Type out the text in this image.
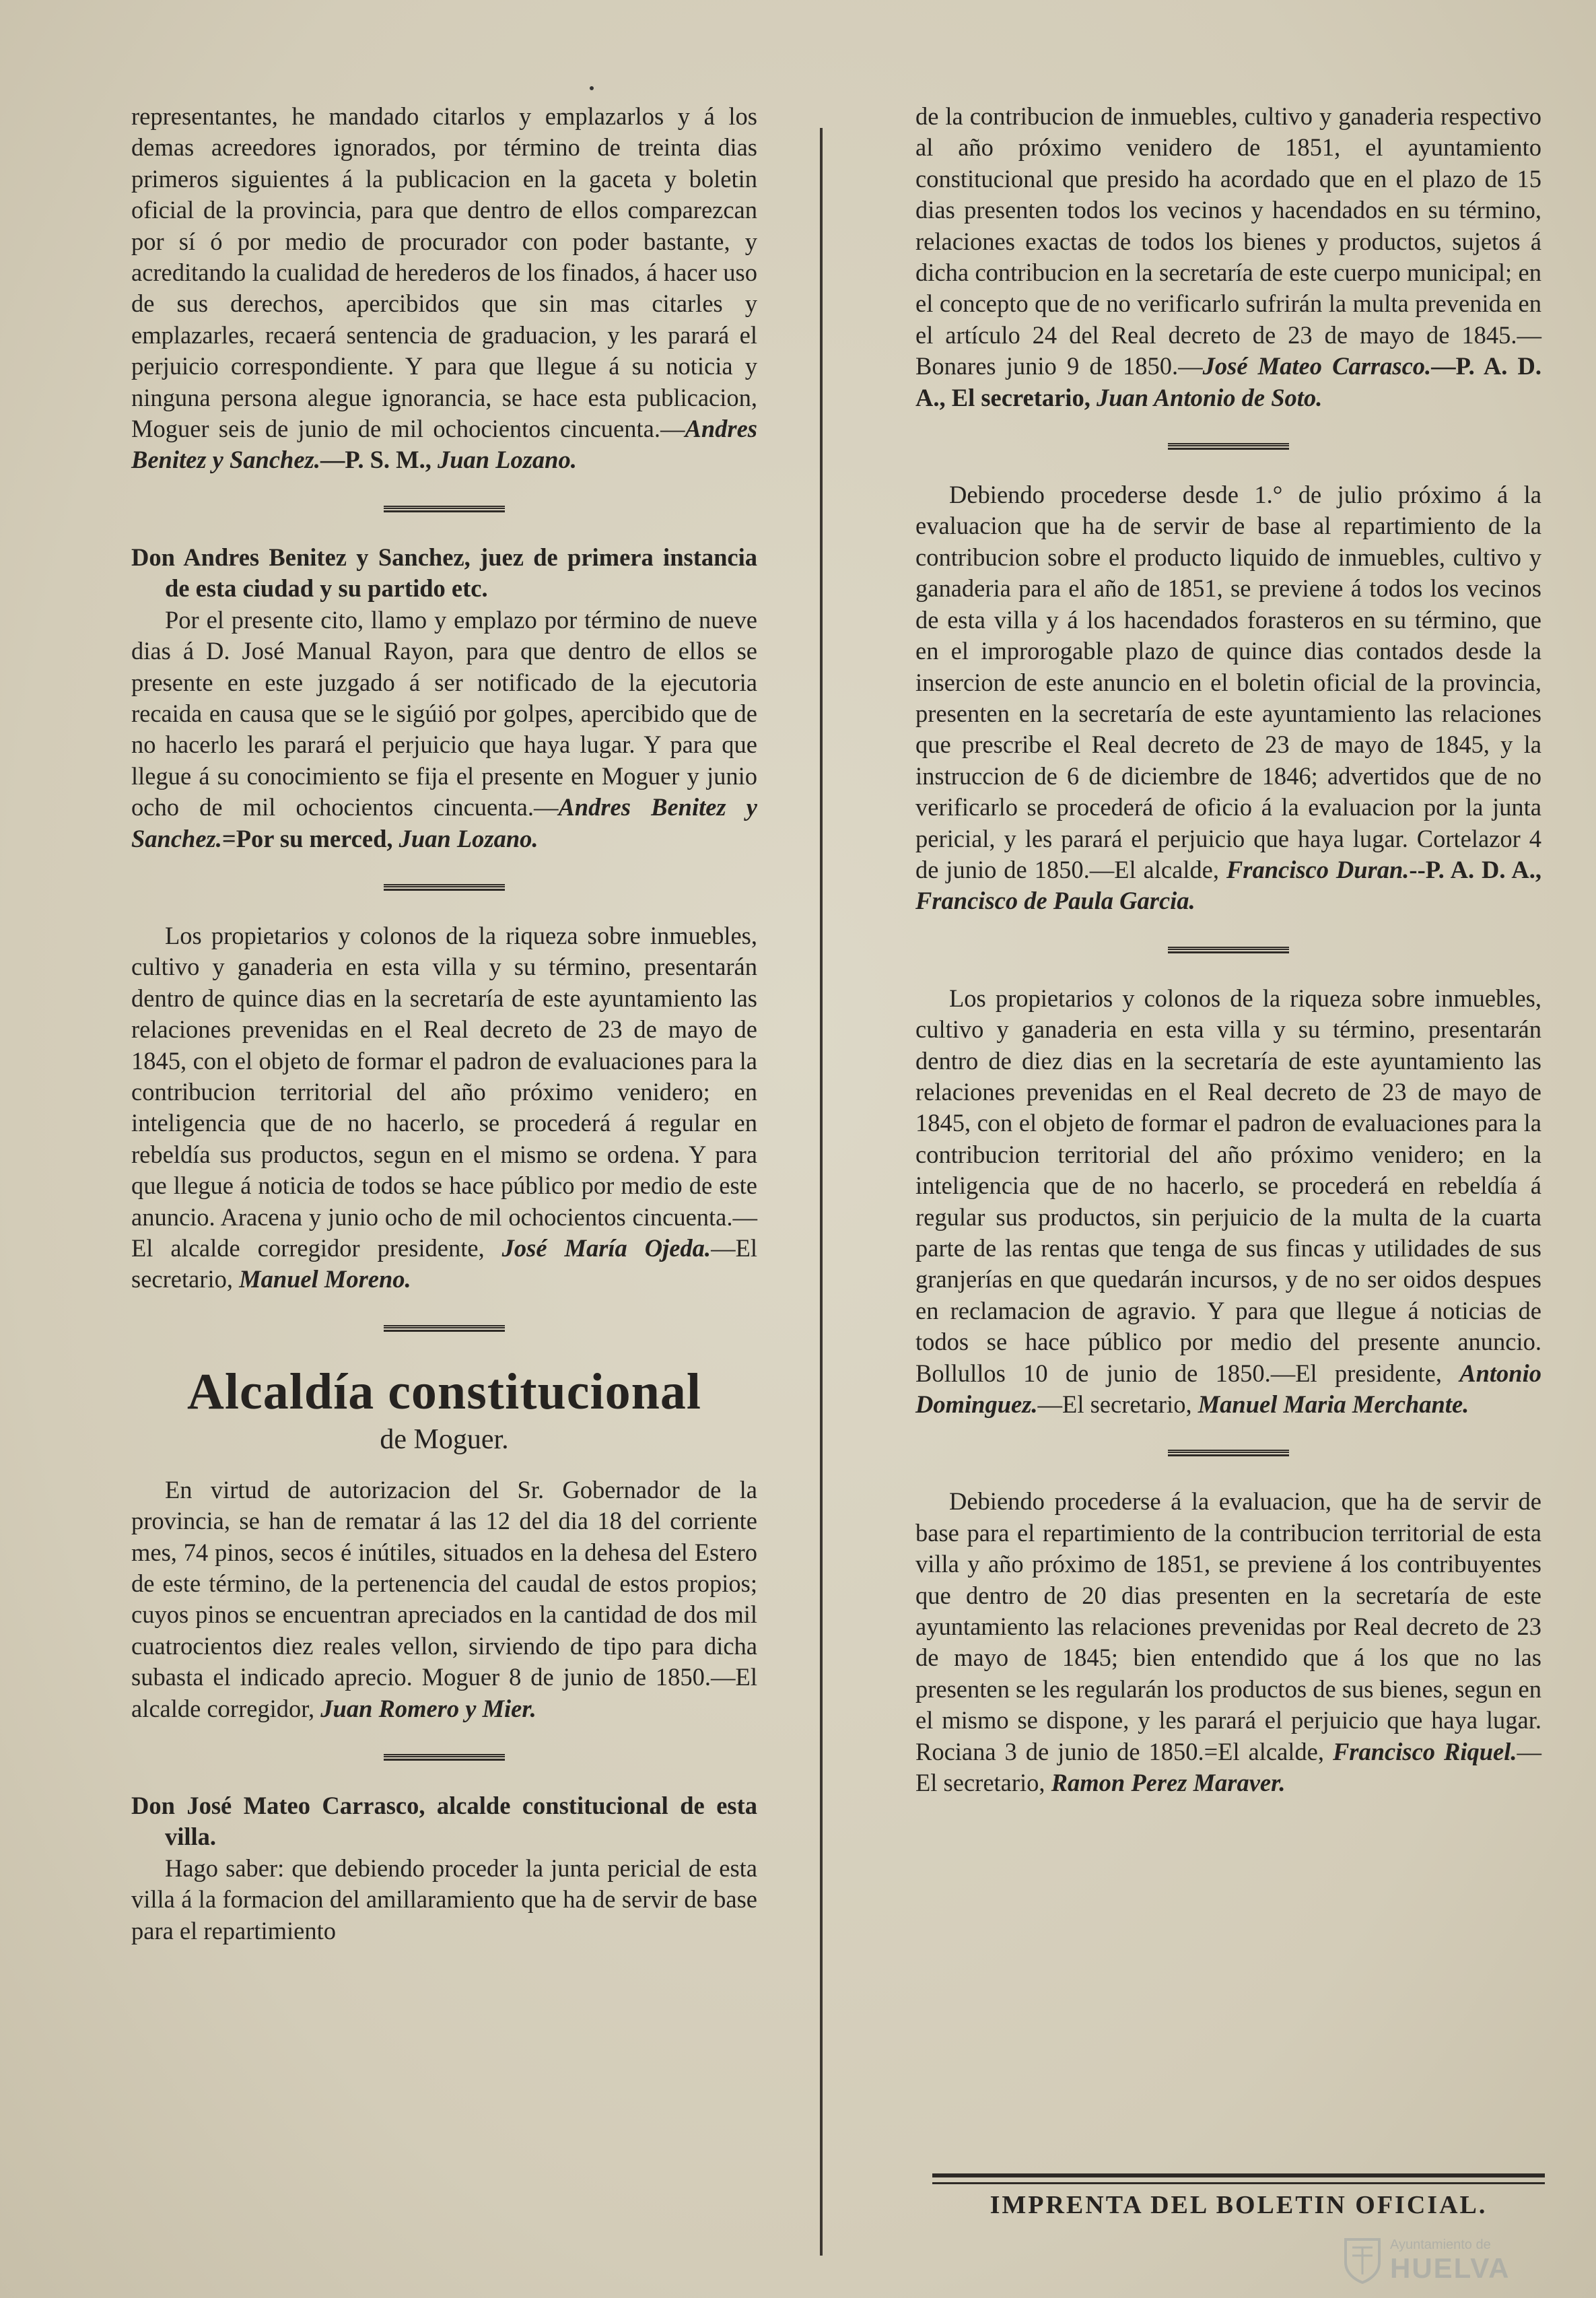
representantes, he mandado citarlos y emplazarlos y á los demas acreedores ignorados, por término de treinta dias primeros siguientes á la publicacion en la gaceta y boletin oficial de la provincia, para que dentro de ellos comparezcan por sí ó por medio de procurador con poder bastante, y acreditando la cualidad de herederos de los finados, á hacer uso de sus derechos, apercibidos que sin mas citarles y emplazarles, recaerá sentencia de graduacion, y les parará el perjuicio correspondiente. Y para que llegue á su noticia y ninguna persona alegue ignorancia, se hace esta publicacion, Moguer seis de junio de mil ochocientos cincuenta.—Andres Benitez y Sanchez.—P. S. M., Juan Lozano.

Don Andres Benitez y Sanchez, juez de primera instancia de esta ciudad y su partido etc.

Por el presente cito, llamo y emplazo por término de nueve dias á D. José Manual Rayon, para que dentro de ellos se presente en este juzgado á ser notificado de la ejecutoria recaida en causa que se le sigúió por golpes, apercibido que de no hacerlo les parará el perjuicio que haya lugar. Y para que llegue á su conocimiento se fija el presente en Moguer y junio ocho de mil ochocientos cincuenta.—Andres Benitez y Sanchez.=Por su merced, Juan Lozano.

Los propietarios y colonos de la riqueza sobre inmuebles, cultivo y ganaderia en esta villa y su término, presentarán dentro de quince dias en la secretaría de este ayuntamiento las relaciones prevenidas en el Real decreto de 23 de mayo de 1845, con el objeto de formar el padron de evaluaciones para la contribucion territorial del año próximo venidero; en inteligencia que de no hacerlo, se procederá á regular en rebeldía sus productos, segun en el mismo se ordena. Y para que llegue á noticia de todos se hace público por medio de este anuncio. Aracena y junio ocho de mil ochocientos cincuenta.—El alcalde corregidor presidente, José María Ojeda.—El secretario, Manuel Moreno.

Alcaldía constitucional
de Moguer.

En virtud de autorizacion del Sr. Gobernador de la provincia, se han de rematar á las 12 del dia 18 del corriente mes, 74 pinos, secos é inútiles, situados en la dehesa del Estero de este término, de la pertenencia del caudal de estos propios; cuyos pinos se encuentran apreciados en la cantidad de dos mil cuatrocientos diez reales vellon, sirviendo de tipo para dicha subasta el indicado aprecio. Moguer 8 de junio de 1850.—El alcalde corregidor, Juan Romero y Mier.

Don José Mateo Carrasco, alcalde constitucional de esta villa.

Hago saber: que debiendo proceder la junta pericial de esta villa á la formacion del amillaramiento que ha de servir de base para el repartimiento

de la contribucion de inmuebles, cultivo y ganaderia respectivo al año próximo venidero de 1851, el ayuntamiento constitucional que presido ha acordado que en el plazo de 15 dias presenten todos los vecinos y hacendados en su término, relaciones exactas de todos los bienes y productos, sujetos á dicha contribucion en la secretaría de este cuerpo municipal; en el concepto que de no verificarlo sufrirán la multa prevenida en el artículo 24 del Real decreto de 23 de mayo de 1845.—Bonares junio 9 de 1850.—José Mateo Carrasco.—P. A. D. A., El secretario, Juan Antonio de Soto.

Debiendo procederse desde 1.° de julio próximo á la evaluacion que ha de servir de base al repartimiento de la contribucion sobre el producto liquido de inmuebles, cultivo y ganaderia para el año de 1851, se previene á todos los vecinos de esta villa y á los hacendados forasteros en su término, que en el improrogable plazo de quince dias contados desde la insercion de este anuncio en el boletin oficial de la provincia, presenten en la secretaría de este ayuntamiento las relaciones que prescribe el Real decreto de 23 de mayo de 1845, y la instruccion de 6 de diciembre de 1846; advertidos que de no verificarlo se procederá de oficio á la evaluacion por la junta pericial, y les parará el perjuicio que haya lugar. Cortelazor 4 de junio de 1850.—El alcalde, Francisco Duran.--P. A. D. A., Francisco de Paula Garcia.

Los propietarios y colonos de la riqueza sobre inmuebles, cultivo y ganaderia en esta villa y su término, presentarán dentro de diez dias en la secretaría de este ayuntamiento las relaciones prevenidas en el Real decreto de 23 de mayo de 1845, con el objeto de formar el padron de evaluaciones para la contribucion territorial del año próximo venidero; en la inteligencia que de no hacerlo, se procederá en rebeldía á regular sus productos, sin perjuicio de la multa de la cuarta parte de las rentas que tenga de sus fincas y utilidades de sus granjerías en que quedarán incursos, y de no ser oidos despues en reclamacion de agravio. Y para que llegue á noticias de todos se hace público por medio del presente anuncio. Bollullos 10 de junio de 1850.—El presidente, Antonio Dominguez.—El secretario, Manuel Maria Merchante.

Debiendo procederse á la evaluacion, que ha de servir de base para el repartimiento de la contribucion territorial de esta villa y año próximo de 1851, se previene á los contribuyentes que dentro de 20 dias presenten en la secretaría de este ayuntamiento las relaciones prevenidas por Real decreto de 23 de mayo de 1845; bien entendido que á los que no las presenten se les regularán los productos de sus bienes, segun en el mismo se dispone, y les parará el perjuicio que haya lugar. Rociana 3 de junio de 1850.=El alcalde, Francisco Riquel.—El secretario, Ramon Perez Maraver.

IMPRENTA DEL BOLETIN OFICIAL.
Ayuntamiento de
HUELVA
